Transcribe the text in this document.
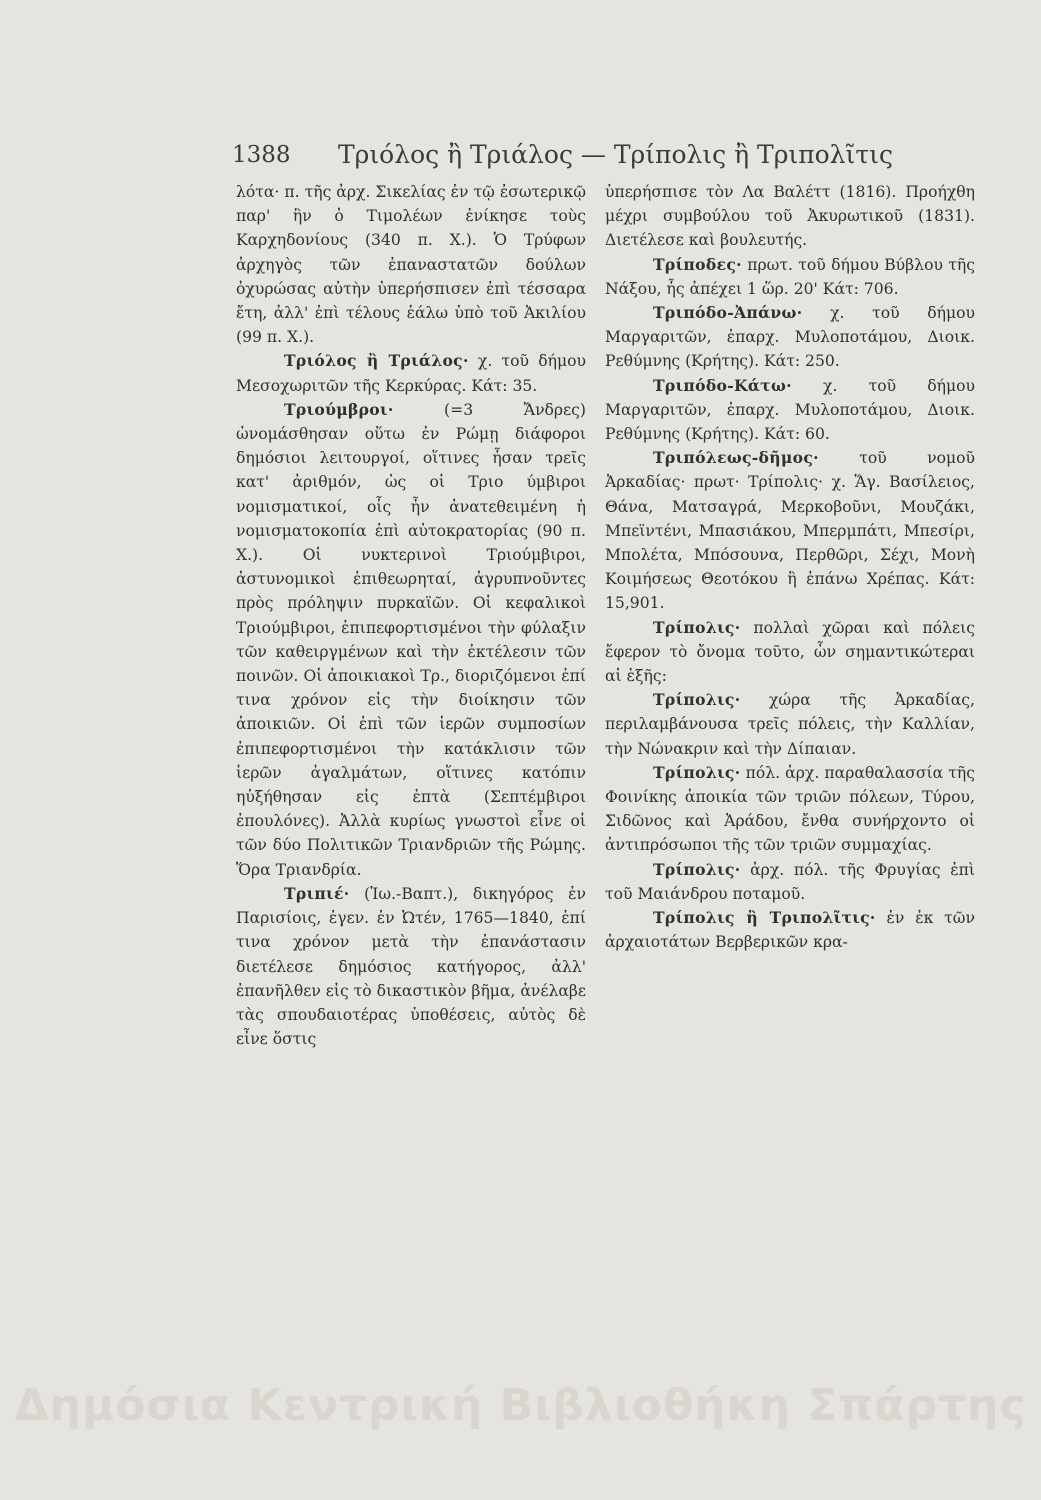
1388 Τριόλος ἢ Τριάλος — Τρίπολις ἢ Τριπολῖτις

λότα· π. τῆς ἀρχ. Σικελίας ἐν τῷ ἐσωτερικῷ παρ' ἣν ὁ Τιμολέων ἐνίκησε τοὺς Καρχηδονίους (340 π. Χ.). Ὁ Τρύφων ἀρχηγὸς τῶν ἐπαναστατῶν δούλων ὀχυρώσας αὐτὴν ὑπερήσπισεν ἐπὶ τέσσαρα ἔτη, ἀλλ' ἐπὶ τέλους ἑάλω ὑπὸ τοῦ Ἀκιλίου (99 π. Χ.).

Τριόλος ἢ Τριάλος· χ. τοῦ δήμου Μεσοχωριτῶν τῆς Κερκύρας. Κάτ: 35.

Τριούμβροι· (=3 Ἄνδρες) ὠνομάσθησαν οὕτω ἐν Ρώμῃ διάφοροι δημόσιοι λειτουργοί, οἵτινες ἦσαν τρεῖς κατ' ἀριθμόν, ὡς οἱ Τριο ύμβιροι νομισματικοί, οἷς ἦν ἀνατεθειμένη ἡ νομισματοκοπία ἐπὶ αὐτοκρατορίας (90 π. Χ.). Οἱ νυκτερινοὶ Τριούμβιροι, ἀστυνομικοὶ ἐπιθεωρηταί, ἀγρυπνοῦντες πρὸς πρόληψιν πυρκαϊῶν. Οἱ κεφαλικοὶ Τριούμβιροι, ἐπιπεφορτισμένοι τὴν φύλαξιν τῶν καθειργμένων καὶ τὴν ἐκτέλεσιν τῶν ποινῶν. Οἱ ἀποικιακοὶ Τρ., διοριζόμενοι ἐπί τινα χρόνον εἰς τὴν διοίκησιν τῶν ἀποικιῶν. Οἱ ἐπὶ τῶν ἱερῶν συμποσίων ἐπιπεφορτισμένοι τὴν κατάκλισιν τῶν ἱερῶν ἀγαλμάτων, οἵτινες κατόπιν ηὐξήθησαν εἰς ἑπτὰ (Σεπτέμβιροι ἐπουλόνες). Ἀλλὰ κυρίως γνωστοὶ εἶνε οἱ τῶν δύο Πολιτικῶν Τριανδριῶν τῆς Ρώμης. Ὅρα Τριανδρία.

Τριπιέ· (Ἰω.-Βαπτ.), δικηγόρος ἐν Παρισίοις, ἐγεν. ἐν Ὠτέν, 1765—1840, ἐπί τινα χρόνον μετὰ τὴν ἐπανάστασιν διετέλεσε δημόσιος κατήγορος, ἀλλ' ἐπανῆλθεν εἰς τὸ δικαστικὸν βῆμα, ἀνέλαβε τὰς σπουδαιοτέρας ὑποθέσεις, αὐτὸς δὲ εἶνε ὅστις

ὑπερήσπισε τὸν Λα Βαλέττ (1816). Προήχθη μέχρι συμβούλου τοῦ Ἀκυρωτικοῦ (1831). Διετέλεσε καὶ βουλευτής.

Τρίποδες· πρωτ. τοῦ δήμου Βύβλου τῆς Νάξου, ἧς ἀπέχει 1 ὥρ. 20' Κάτ: 706.

Τριπόδο-Ἀπάνω· χ. τοῦ δήμου Μαργαριτῶν, ἐπαρχ. Μυλοποτάμου, Διοικ. Ρεθύμνης (Κρήτης). Κάτ: 250.

Τριπόδο-Κάτω· χ. τοῦ δήμου Μαργαριτῶν, ἐπαρχ. Μυλοποτάμου, Διοικ. Ρεθύμνης (Κρήτης). Κάτ: 60.

Τριπόλεως-δῆμος· τοῦ νομοῦ Ἀρκαδίας· πρωτ· Τρίπολις· χ. Ἅγ. Βασίλειος, Θάνα, Ματσαγρά, Μερκοβοῦνι, Μουζάκι, Μπεϊντένι, Μπασιάκου, Μπερμπάτι, Μπεσίρι, Μπολέτα, Μπόσουνα, Περθῶρι, Σέχι, Μονὴ Κοιμήσεως Θεοτόκου ἢ ἐπάνω Χρέπας. Κάτ: 15,901.

Τρίπολις· πολλαὶ χῶραι καὶ πόλεις ἔφερον τὸ ὄνομα τοῦτο, ὧν σημαντικώτεραι αἱ ἑξῆς:

Τρίπολις· χώρα τῆς Ἀρκαδίας, περιλαμβάνουσα τρεῖς πόλεις, τὴν Καλλίαν, τὴν Νώνακριν καὶ τὴν Δίπαιαν.

Τρίπολις· πόλ. ἀρχ. παραθαλασσία τῆς Φοινίκης ἀποικία τῶν τριῶν πόλεων, Τύρου, Σιδῶνος καὶ Ἀράδου, ἔνθα συνήρχοντο οἱ ἀντιπρόσωποι τῆς τῶν τριῶν συμμαχίας.

Τρίπολις· ἀρχ. πόλ. τῆς Φρυγίας ἐπὶ τοῦ Μαιάνδρου ποταμοῦ.

Τρίπολις ἢ Τριπολῖτις· ἐν ἐκ τῶν ἀρχαιοτάτων Βερβερικῶν κρα-

Δημόσια Κεντρική Βιβλιοθήκη Σπάρτης
